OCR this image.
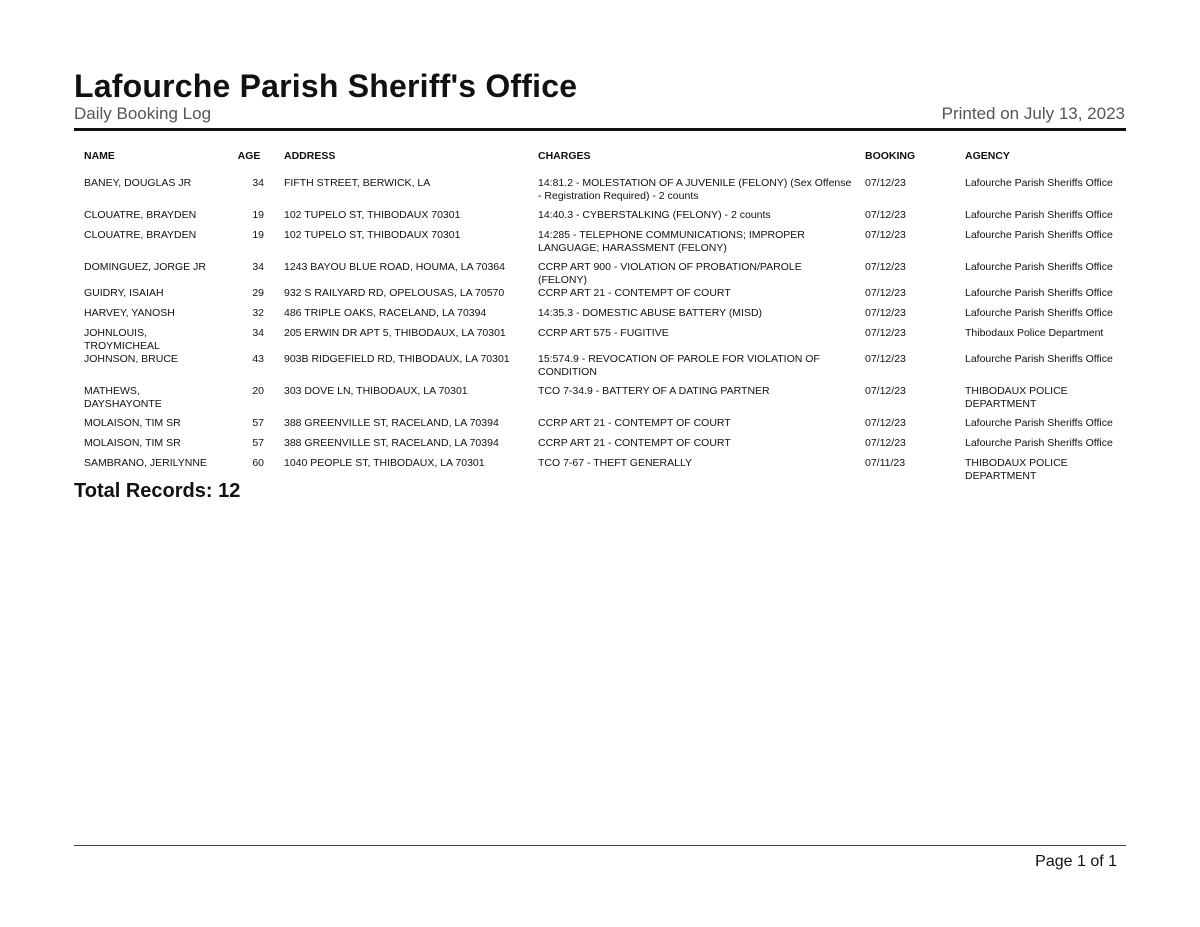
Lafourche Parish Sheriff's Office
Daily Booking Log	Printed on July 13, 2023
NAME	AGE	ADDRESS	CHARGES	BOOKING	AGENCY
BANEY, DOUGLAS JR	34	FIFTH STREET, BERWICK, LA	14:81.2 - MOLESTATION OF A JUVENILE (FELONY) (Sex Offense - Registration Required) - 2 counts	07/12/23	Lafourche Parish Sheriffs Office
CLOUATRE, BRAYDEN	19	102 TUPELO ST, THIBODAUX 70301	14:40.3 - CYBERSTALKING (FELONY) - 2 counts	07/12/23	Lafourche Parish Sheriffs Office
CLOUATRE, BRAYDEN	19	102 TUPELO ST, THIBODAUX 70301	14:285 - TELEPHONE COMMUNICATIONS; IMPROPER LANGUAGE; HARASSMENT (FELONY)	07/12/23	Lafourche Parish Sheriffs Office
DOMINGUEZ, JORGE JR	34	1243 BAYOU BLUE ROAD, HOUMA, LA 70364	CCRP ART 900 - VIOLATION OF PROBATION/PAROLE (FELONY)	07/12/23	Lafourche Parish Sheriffs Office
GUIDRY, ISAIAH	29	932 S RAILYARD RD, OPELOUSAS, LA 70570	CCRP ART 21 - CONTEMPT OF COURT	07/12/23	Lafourche Parish Sheriffs Office
HARVEY, YANOSH	32	486 TRIPLE OAKS, RACELAND, LA 70394	14:35.3 - DOMESTIC ABUSE BATTERY (MISD)	07/12/23	Lafourche Parish Sheriffs Office
JOHNLOUIS, TROYMICHEAL	34	205 ERWIN DR APT 5, THIBODAUX, LA 70301	CCRP ART 575 - FUGITIVE	07/12/23	Thibodaux Police Department
JOHNSON, BRUCE	43	903B RIDGEFIELD RD, THIBODAUX, LA 70301	15:574.9 - REVOCATION OF PAROLE FOR VIOLATION OF CONDITION	07/12/23	Lafourche Parish Sheriffs Office
MATHEWS, DAYSHAYONTE	20	303 DOVE LN, THIBODAUX, LA 70301	TCO 7-34.9 - BATTERY OF A DATING PARTNER	07/12/23	THIBODAUX POLICE DEPARTMENT
MOLAISON, TIM SR	57	388 GREENVILLE ST, RACELAND, LA 70394	CCRP ART 21 - CONTEMPT OF COURT	07/12/23	Lafourche Parish Sheriffs Office
MOLAISON, TIM SR	57	388 GREENVILLE ST, RACELAND, LA 70394	CCRP ART 21 - CONTEMPT OF COURT	07/12/23	Lafourche Parish Sheriffs Office
SAMBRANO, JERILYNNE	60	1040 PEOPLE ST, THIBODAUX, LA 70301	TCO 7-67 - THEFT GENERALLY	07/11/23	THIBODAUX POLICE DEPARTMENT
Total Records: 12
Page 1 of 1
